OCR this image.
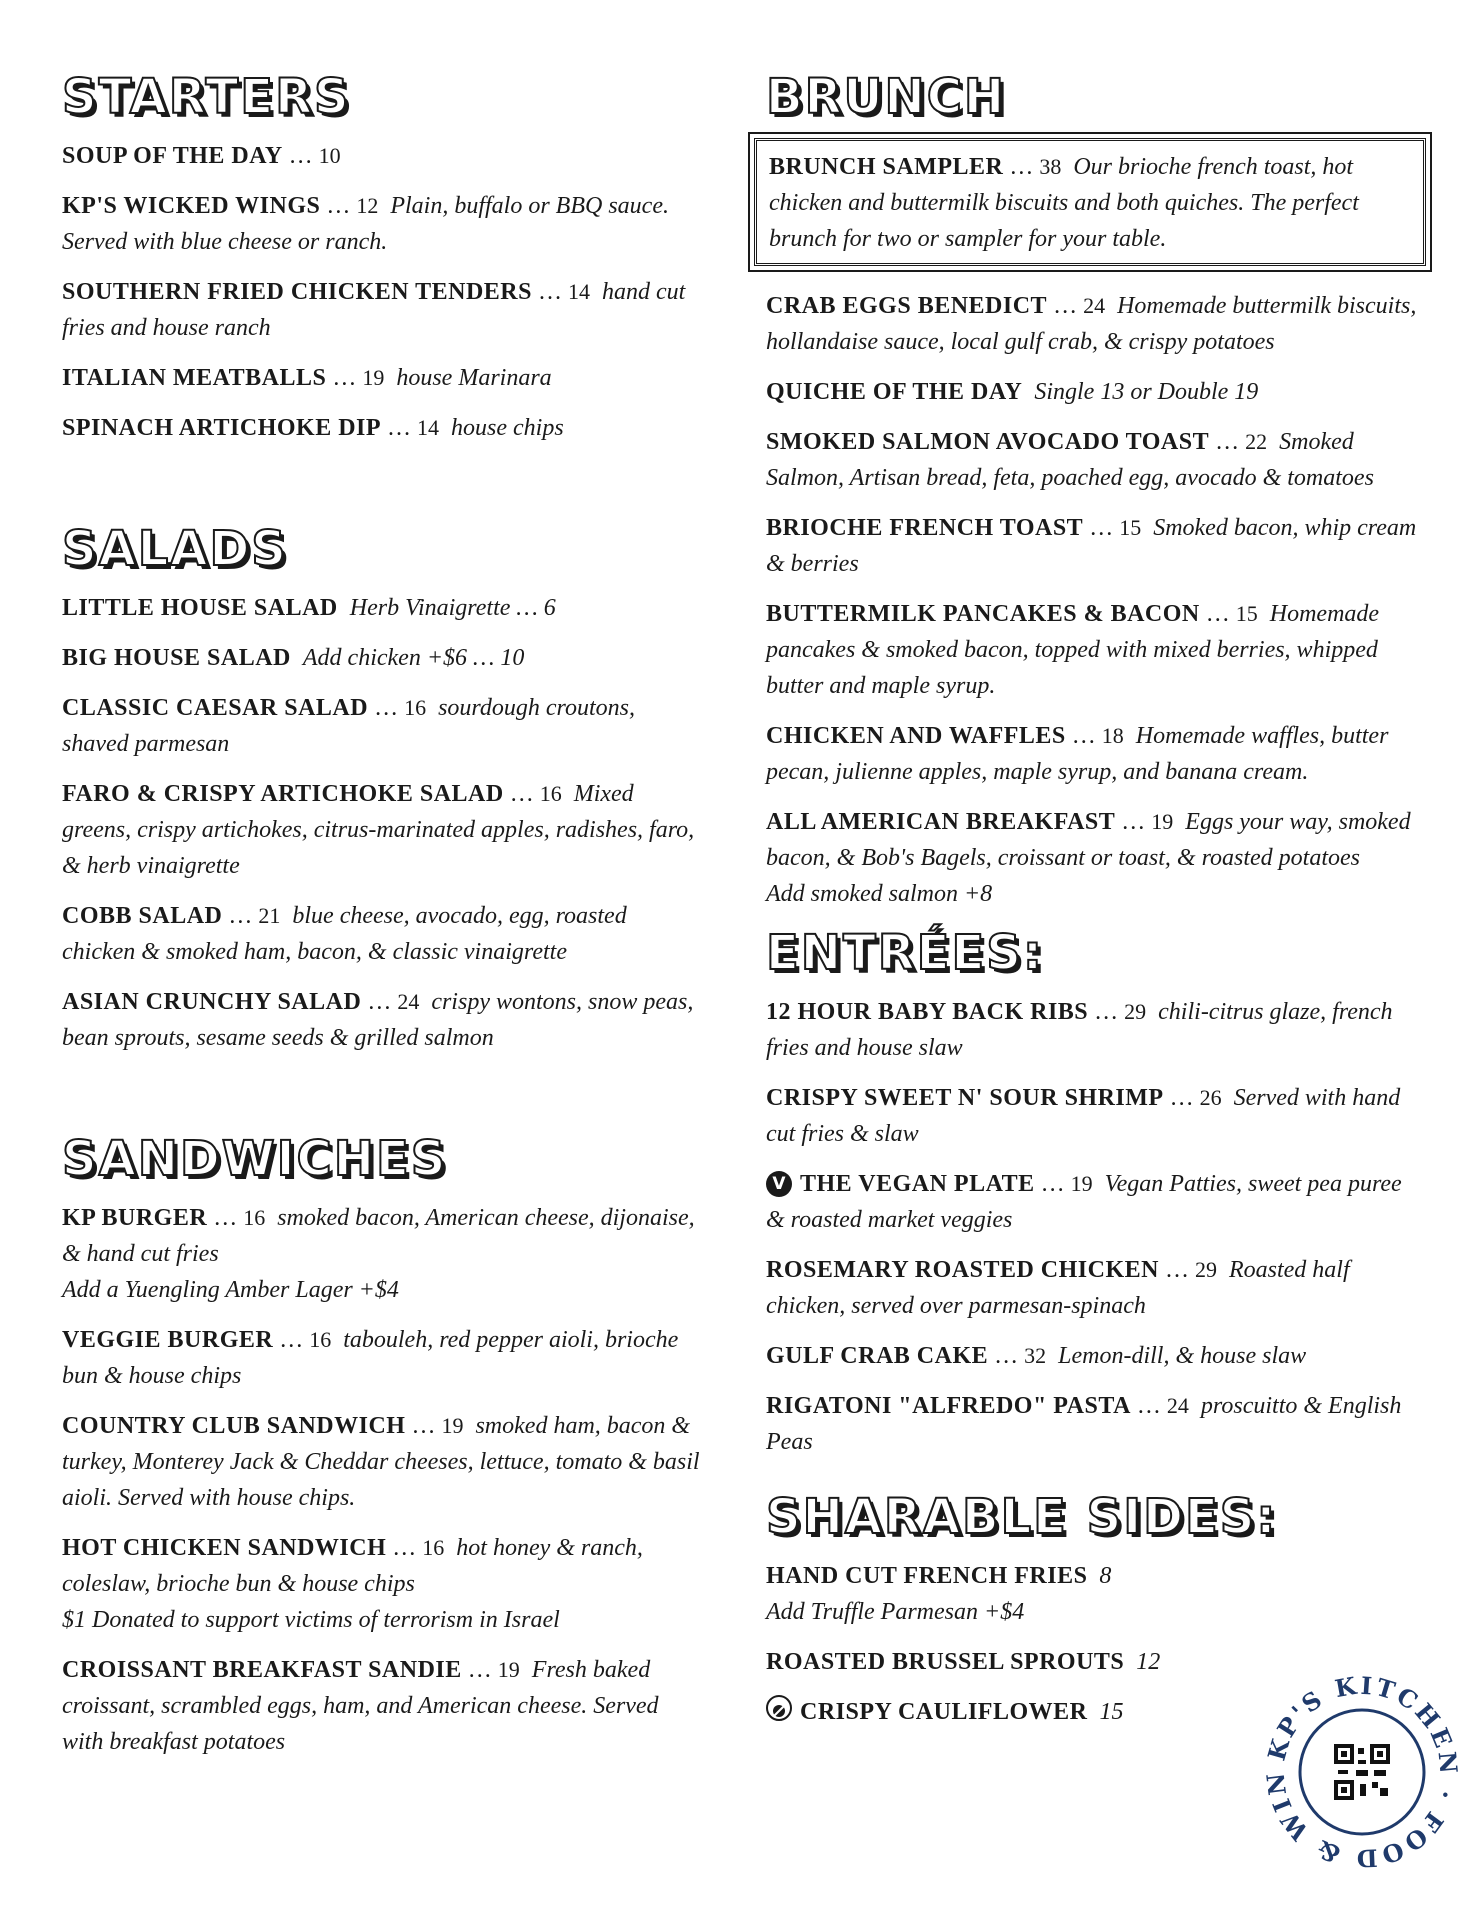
STARTERS
SOUP OF THE DAY … 10
KP'S WICKED WINGS … 12 Plain, buffalo or BBQ sauce. Served with blue cheese or ranch.
SOUTHERN FRIED CHICKEN TENDERS … 14 hand cut fries and house ranch
ITALIAN MEATBALLS … 19 house Marinara
SPINACH ARTICHOKE DIP … 14 house chips
SALADS
LITTLE HOUSE SALAD Herb Vinaigrette … 6
BIG HOUSE SALAD Add chicken +$6 … 10
CLASSIC CAESAR SALAD … 16 sourdough croutons, shaved parmesan
FARO & CRISPY ARTICHOKE SALAD … 16 Mixed greens, crispy artichokes, citrus-marinated apples, radishes, faro, & herb vinaigrette
COBB SALAD … 21 blue cheese, avocado, egg, roasted chicken & smoked ham, bacon, & classic vinaigrette
ASIAN CRUNCHY SALAD … 24 crispy wontons, snow peas, bean sprouts, sesame seeds & grilled salmon
SANDWICHES
KP BURGER … 16 smoked bacon, American cheese, dijonaise, & hand cut fries
Add a Yuengling Amber Lager +$4
VEGGIE BURGER … 16 tabouleh, red pepper aioli, brioche bun & house chips
COUNTRY CLUB SANDWICH … 19 smoked ham, bacon & turkey, Monterey Jack & Cheddar cheeses, lettuce, tomato & basil aioli. Served with house chips.
HOT CHICKEN SANDWICH … 16 hot honey & ranch, coleslaw, brioche bun & house chips
$1 Donated to support victims of terrorism in Israel
CROISSANT BREAKFAST SANDIE … 19 Fresh baked croissant, scrambled eggs, ham, and American cheese. Served with breakfast potatoes
BRUNCH
BRUNCH SAMPLER … 38 Our brioche french toast, hot chicken and buttermilk biscuits and both quiches. The perfect brunch for two or sampler for your table.
CRAB EGGS BENEDICT … 24 Homemade buttermilk biscuits, hollandaise sauce, local gulf crab, & crispy potatoes
QUICHE OF THE DAY Single 13 or Double 19
SMOKED SALMON AVOCADO TOAST … 22 Smoked Salmon, Artisan bread, feta, poached egg, avocado & tomatoes
BRIOCHE FRENCH TOAST … 15 Smoked bacon, whip cream & berries
BUTTERMILK PANCAKES & BACON … 15 Homemade pancakes & smoked bacon, topped with mixed berries, whipped butter and maple syrup.
CHICKEN AND WAFFLES … 18 Homemade waffles, butter pecan, julienne apples, maple syrup, and banana cream.
ALL AMERICAN BREAKFAST … 19 Eggs your way, smoked bacon, & Bob's Bagels, croissant or toast, & roasted potatoes
Add smoked salmon +8
ENTRÉES:
12 HOUR BABY BACK RIBS … 29 chili-citrus glaze, french fries and house slaw
CRISPY SWEET N' SOUR SHRIMP … 26 Served with hand cut fries & slaw
V THE VEGAN PLATE … 19 Vegan Patties, sweet pea puree & roasted market veggies
ROSEMARY ROASTED CHICKEN … 29 Roasted half chicken, served over parmesan-spinach
GULF CRAB CAKE … 32 Lemon-dill, & house slaw
RIGATONI "ALFREDO" PASTA … 24 proscuitto & English Peas
SHARABLE SIDES:
HAND CUT FRENCH FRIES 8
Add Truffle Parmesan +$4
ROASTED BRUSSEL SPROUTS 12
CRISPY CAULIFLOWER 15
KP'S KITCHEN · FOOD & WIN
